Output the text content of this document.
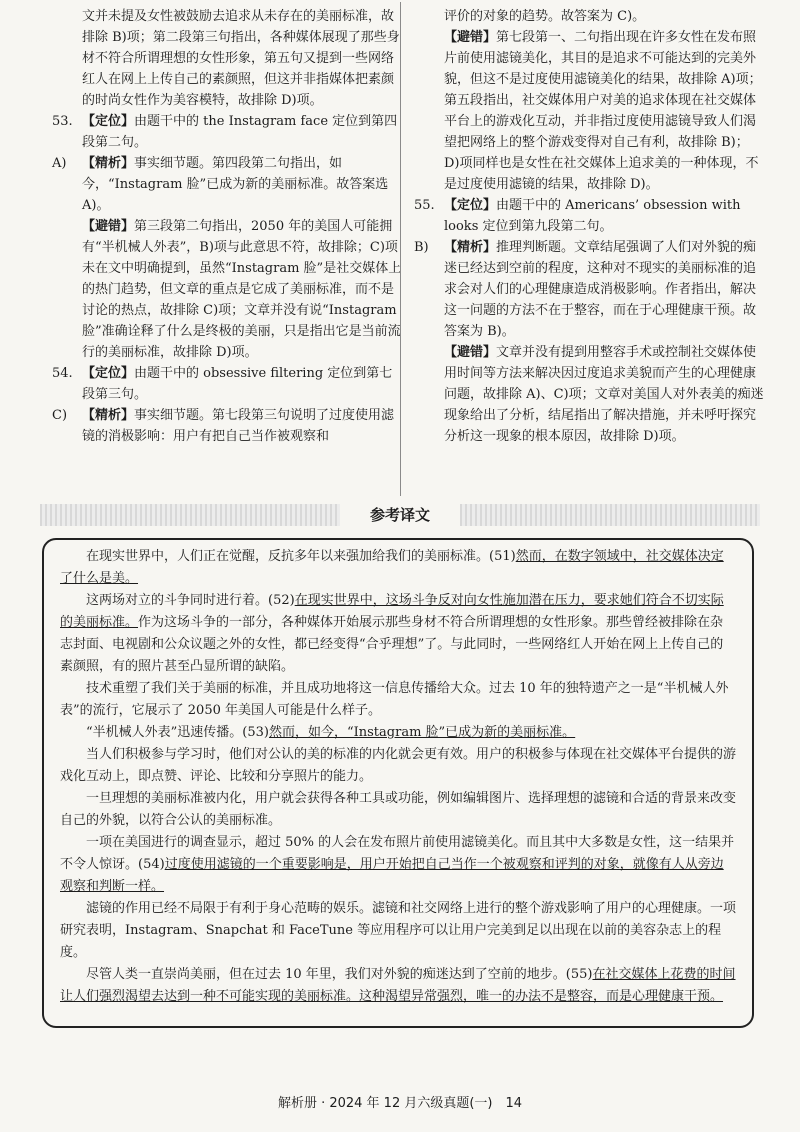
文并未提及女性被鼓励去追求从未存在的美丽标准，故排除 B)项；第二段第三句指出，各种媒体展现了那些身材不符合所谓理想的女性形象，第五句又提到一些网络红人在网上上传自己的素颜照，但这并非指媒体把素颜的时尚女性作为美容模特，故排除 D)项。

53. 【定位】由题干中的 the Instagram face 定位到第四段第二句。
A)	【精析】事实细节题。第四段第二句指出，如今，“Instagram 脸”已成为新的美丽标准。故答案选 A)。

【避错】第三段第二句指出，2050 年的美国人可能拥有“半机械人外表”，B)项与此意思不符，故排除；C)项未在文中明确提到，虽然“Instagram 脸”是社交媒体上的热门趋势，但文章的重点是它成了美丽标准，而不是讨论的热点，故排除 C)项；文章并没有说“Instagram 脸”准确诠释了什么是终极的美丽，只是指出它是当前流行的美丽标准，故排除 D)项。

54. 【定位】由题干中的 obsessive filtering 定位到第七段第三句。
C)	【精析】事实细节题。第七段第三句说明了过度使用滤镜的消极影响：用户有把自己当作被观察和

评价的对象的趋势。故答案为 C)。

【避错】第七段第一、二句指出现在许多女性在发布照片前使用滤镜美化，其目的是追求不可能达到的完美外貌，但这不是过度使用滤镜美化的结果，故排除 A)项；第五段指出，社交媒体用户对美的追求体现在社交媒体平台上的游戏化互动，并非指过度使用滤镜导致人们渴望把网络上的整个游戏变得对自己有利，故排除 B)；D)项同样也是女性在社交媒体上追求美的一种体现，不是过度使用滤镜的结果，故排除 D)。

55. 【定位】由题干中的 Americans’ obsession with looks 定位到第九段第二句。
B)	【精析】推理判断题。文章结尾强调了人们对外貌的痴迷已经达到空前的程度，这种对不现实的美丽标准的追求会对人们的心理健康造成消极影响。作者指出，解决这一问题的方法不在于整容，而在于心理健康干预。故答案为 B)。

【避错】文章并没有提到用整容手术或控制社交媒体使用时间等方法来解决因过度追求美貌而产生的心理健康问题，故排除 A)、C)项；文章对美国人对外表美的痴迷现象给出了分析，结尾指出了解决措施，并未呼吁探究分析这一现象的根本原因，故排除 D)项。

参考译文

在现实世界中，人们正在觉醒，反抗多年以来强加给我们的美丽标准。(51)然而，在数字领域中，社交媒体决定了什么是美。

这两场对立的斗争同时进行着。(52)在现实世界中，这场斗争反对向女性施加潜在压力，要求她们符合不切实际的美丽标准。作为这场斗争的一部分，各种媒体开始展示那些身材不符合所谓理想的女性形象。那些曾经被排除在杂志封面、电视剧和公众议题之外的女性，都已经变得“合乎理想”了。与此同时，一些网络红人开始在网上上传自己的素颜照，有的照片甚至凸显所谓的缺陷。

技术重塑了我们关于美丽的标准，并且成功地将这一信息传播给大众。过去 10 年的独特遗产之一是“半机械人外表”的流行，它展示了 2050 年美国人可能是什么样子。

“半机械人外表”迅速传播。(53)然而，如今，“Instagram 脸”已成为新的美丽标准。

当人们积极参与学习时，他们对公认的美的标准的内化就会更有效。用户的积极参与体现在社交媒体平台提供的游戏化互动上，即点赞、评论、比较和分享照片的能力。

一旦理想的美丽标准被内化，用户就会获得各种工具或功能，例如编辑图片、选择理想的滤镜和合适的背景来改变自己的外貌，以符合公认的美丽标准。

一项在美国进行的调查显示，超过 50% 的人会在发布照片前使用滤镜美化。而且其中大多数是女性，这一结果并不令人惊讶。(54)过度使用滤镜的一个重要影响是，用户开始把自己当作一个被观察和评判的对象，就像有人从旁边观察和判断一样。

滤镜的作用已经不局限于有利于身心范畴的娱乐。滤镜和社交网络上进行的整个游戏影响了用户的心理健康。一项研究表明，Instagram、Snapchat 和 FaceTune 等应用程序可以让用户完美到足以出现在以前的美容杂志上的程度。

尽管人类一直崇尚美丽，但在过去 10 年里，我们对外貌的痴迷达到了空前的地步。(55)在社交媒体上花费的时间让人们强烈渴望去达到一种不可能实现的美丽标准。这种渴望异常强烈，唯一的办法不是整容，而是心理健康干预。

解析册 · 2024 年 12 月六级真题(一)　14
